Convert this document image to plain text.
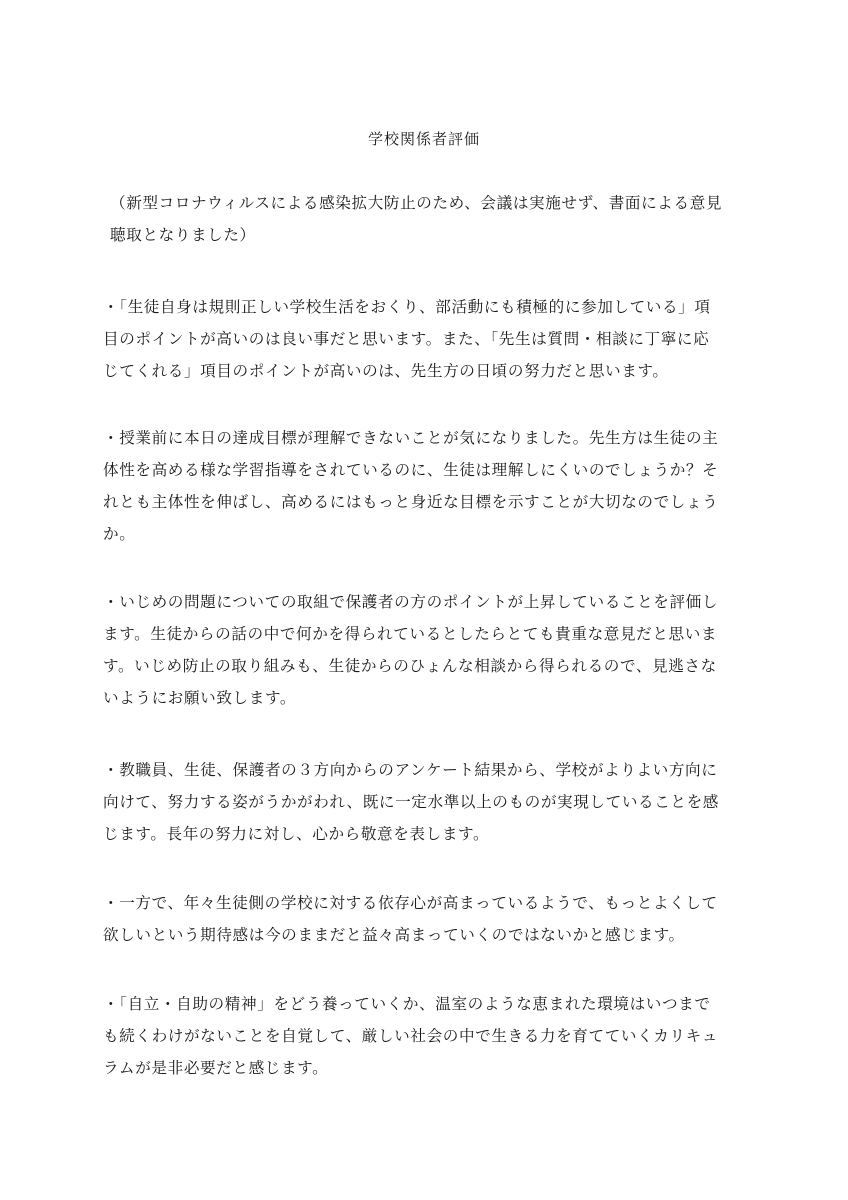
学校関係者評価
（新型コロナウィルスによる感染拡大防止のため、会議は実施せず、書面による意見
聴取となりました）
・「生徒自身は規則正しい学校生活をおくり、部活動にも積極的に参加している」項
目のポイントが高いのは良い事だと思います。また、「先生は質問・相談に丁寧に応
じてくれる」項目のポイントが高いのは、先生方の日頃の努力だと思います。
・授業前に本日の達成目標が理解できないことが気になりました。先生方は生徒の主
体性を高める様な学習指導をされているのに、生徒は理解しにくいのでしょうか？そ
れとも主体性を伸ばし、高めるにはもっと身近な目標を示すことが大切なのでしょう
か。
・いじめの問題についての取組で保護者の方のポイントが上昇していることを評価し
ます。生徒からの話の中で何かを得られているとしたらとても貴重な意見だと思いま
す。いじめ防止の取り組みも、生徒からのひょんな相談から得られるので、見逃さな
いようにお願い致します。
・教職員、生徒、保護者の３方向からのアンケート結果から、学校がよりよい方向に
向けて、努力する姿がうかがわれ、既に一定水準以上のものが実現していることを感
じます。長年の努力に対し、心から敬意を表します。
・一方で、年々生徒側の学校に対する依存心が高まっているようで、もっとよくして
欲しいという期待感は今のままだと益々高まっていくのではないかと感じます。
・「自立・自助の精神」をどう養っていくか、温室のような恵まれた環境はいつまで
も続くわけがないことを自覚して、厳しい社会の中で生きる力を育てていくカリキュ
ラムが是非必要だと感じます。
